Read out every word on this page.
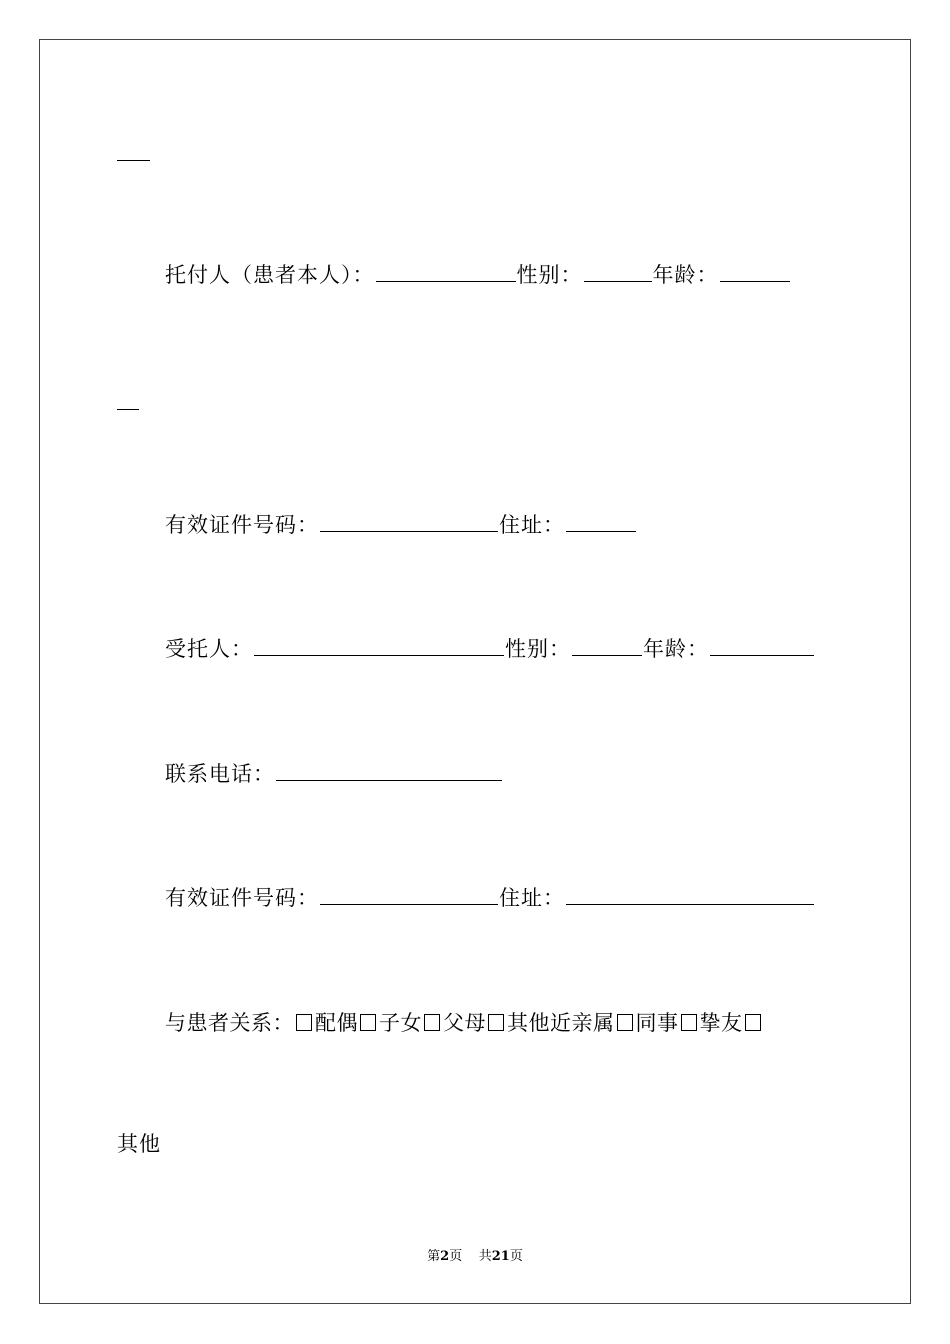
托付人（患者本人）：	性别：	年龄：
有效证件号码：	住址：
受托人：	性别：	年龄：
联系电话：
有效证件号码：	住址：
与患者关系： 配偶 子女 父母 其他近亲属 同事 挚友
其他
第2页 共21页
